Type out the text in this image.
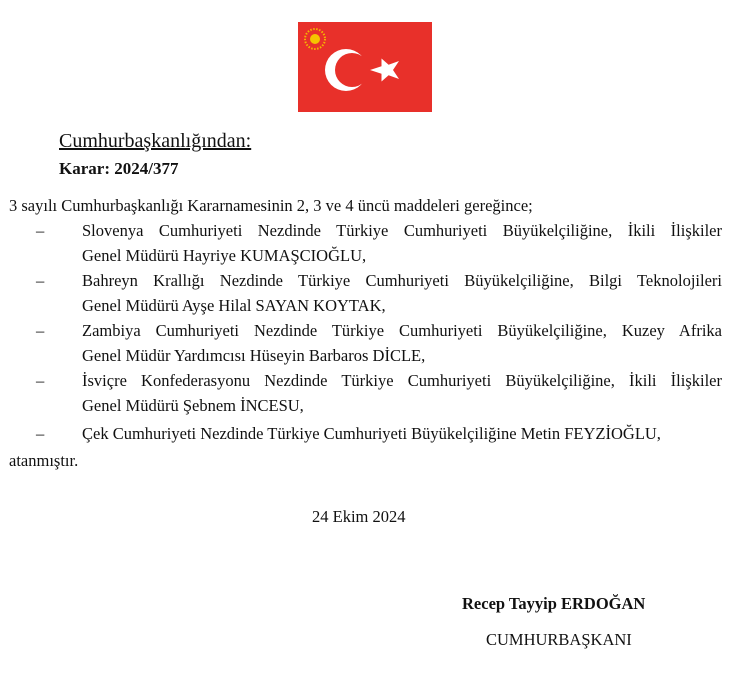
Cumhurbaşkanlığından:
Karar: 2024/377
3 sayılı Cumhurbaşkanlığı Kararnamesinin 2, 3 ve 4 üncü maddeleri gereğince;
– Slovenya Cumhuriyeti Nezdinde Türkiye Cumhuriyeti Büyükelçiliğine, İkili İlişkiler
Genel Müdürü Hayriye KUMAŞCIOĞLU,
– Bahreyn Krallığı Nezdinde Türkiye Cumhuriyeti Büyükelçiliğine, Bilgi Teknolojileri
Genel Müdürü Ayşe Hilal SAYAN KOYTAK,
– Zambiya Cumhuriyeti Nezdinde Türkiye Cumhuriyeti Büyükelçiliğine, Kuzey Afrika
Genel Müdür Yardımcısı Hüseyin Barbaros DİCLE,
– İsviçre Konfederasyonu Nezdinde Türkiye Cumhuriyeti Büyükelçiliğine, İkili İlişkiler
Genel Müdürü Şebnem İNCESU,
– Çek Cumhuriyeti Nezdinde Türkiye Cumhuriyeti Büyükelçiliğine Metin FEYZİOĞLU,
atanmıştır.
24 Ekim 2024
Recep Tayyip ERDOĞAN
CUMHURBAŞKANI
